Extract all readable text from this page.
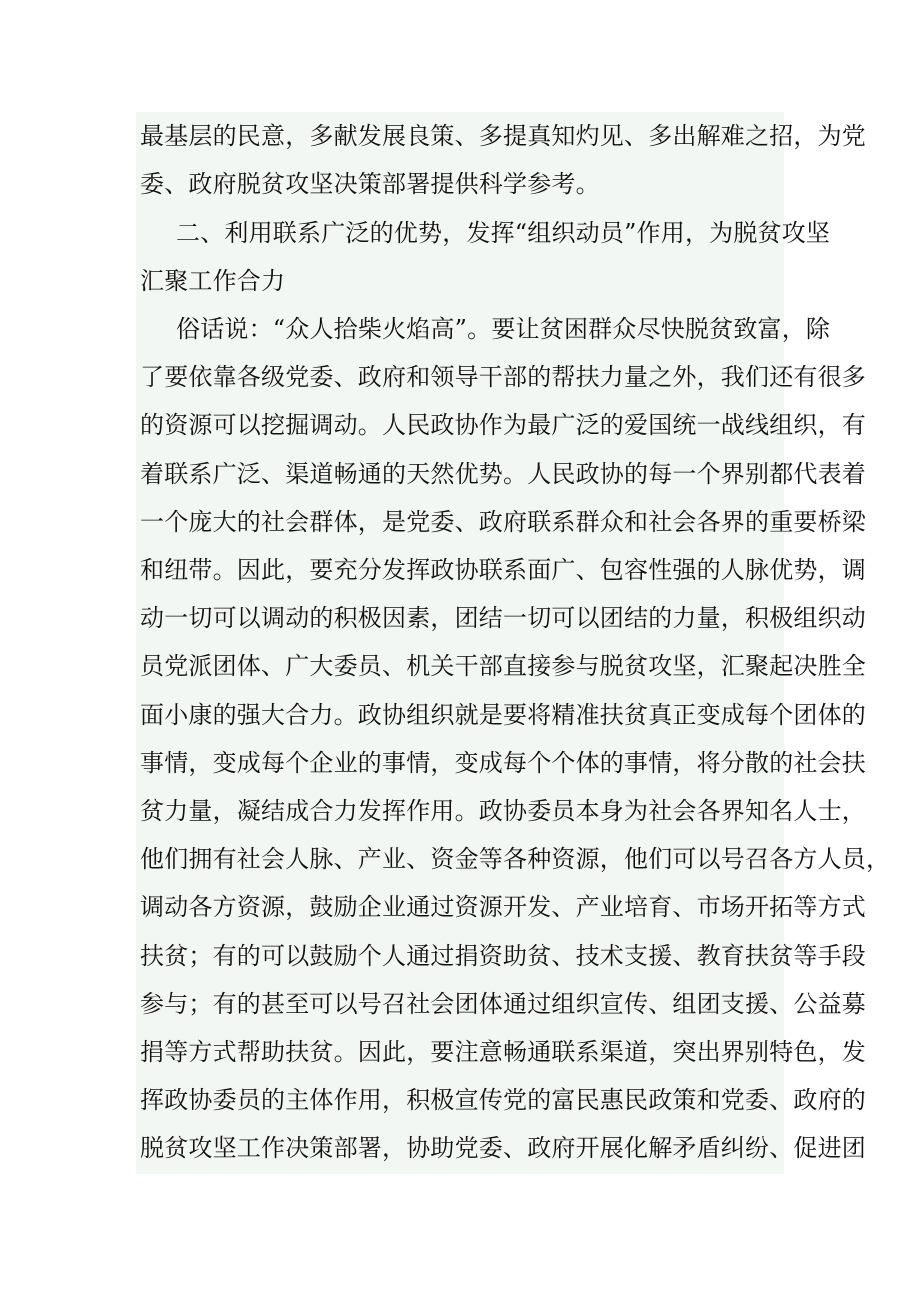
最基层的民意，多献发展良策、多提真知灼见、多出解难之招，为党
委、政府脱贫攻坚决策部署提供科学参考。
二、利用联系广泛的优势，发挥“组织动员”作用，为脱贫攻坚
汇聚工作合力
俗话说：“众人拾柴火焰高”。要让贫困群众尽快脱贫致富，除
了要依靠各级党委、政府和领导干部的帮扶力量之外，我们还有很多
的资源可以挖掘调动。人民政协作为最广泛的爱国统一战线组织，有
着联系广泛、渠道畅通的天然优势。人民政协的每一个界别都代表着
一个庞大的社会群体，是党委、政府联系群众和社会各界的重要桥梁
和纽带。因此，要充分发挥政协联系面广、包容性强的人脉优势，调
动一切可以调动的积极因素，团结一切可以团结的力量，积极组织动
员党派团体、广大委员、机关干部直接参与脱贫攻坚，汇聚起决胜全
面小康的强大合力。政协组织就是要将精准扶贫真正变成每个团体的
事情，变成每个企业的事情，变成每个个体的事情，将分散的社会扶
贫力量，凝结成合力发挥作用。政协委员本身为社会各界知名人士，
他们拥有社会人脉、产业、资金等各种资源，他们可以号召各方人员，
调动各方资源，鼓励企业通过资源开发、产业培育、市场开拓等方式
扶贫；有的可以鼓励个人通过捐资助贫、技术支援、教育扶贫等手段
参与；有的甚至可以号召社会团体通过组织宣传、组团支援、公益募
捐等方式帮助扶贫。因此，要注意畅通联系渠道，突出界别特色，发
挥政协委员的主体作用，积极宣传党的富民惠民政策和党委、政府的
脱贫攻坚工作决策部署，协助党委、政府开展化解矛盾纠纷、促进团
